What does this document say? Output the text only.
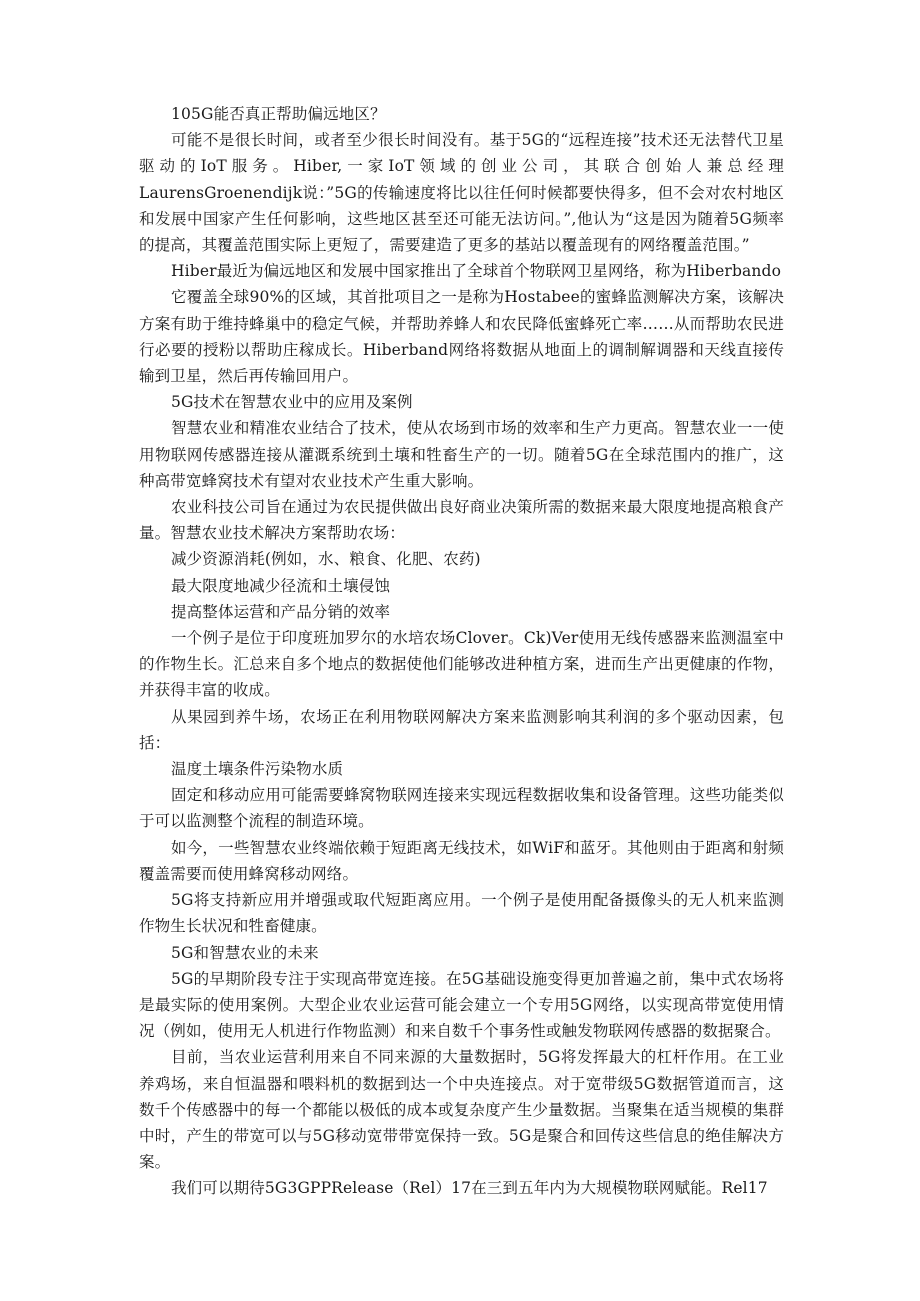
105G能否真正帮助偏远地区？

可能不是很长时间，或者至少很长时间没有。基于5G的“远程连接”技术还无法替代卫星驱动的IoT服务。Hiber,一家IoT领域的创业公司，其联合创始人兼总经理LaurensGroenendijk说：”5G的传输速度将比以往任何时候都要快得多，但不会对农村地区和发展中国家产生任何影响，这些地区甚至还可能无法访问。”,他认为“这是因为随着5G频率的提高，其覆盖范围实际上更短了，需要建造了更多的基站以覆盖现有的网络覆盖范围。”

Hiber最近为偏远地区和发展中国家推出了全球首个物联网卫星网络，称为Hiberbando

它覆盖全球90%的区域，其首批项目之一是称为Hostabee的蜜蜂监测解决方案，该解决方案有助于维持蜂巢中的稳定气候，并帮助养蜂人和农民降低蜜蜂死亡率……从而帮助农民进行必要的授粉以帮助庄稼成长。Hiberband网络将数据从地面上的调制解调器和天线直接传输到卫星，然后再传输回用户。

5G技术在智慧农业中的应用及案例

智慧农业和精准农业结合了技术，使从农场到市场的效率和生产力更高。智慧农业一一使用物联网传感器连接从灌溉系统到土壤和牲畜生产的一切。随着5G在全球范围内的推广，这种高带宽蜂窝技术有望对农业技术产生重大影响。

农业科技公司旨在通过为农民提供做出良好商业决策所需的数据来最大限度地提高粮食产量。智慧农业技术解决方案帮助农场：

减少资源消耗(例如，水、粮食、化肥、农药)

最大限度地减少径流和土壤侵蚀

提高整体运营和产品分销的效率

一个例子是位于印度班加罗尔的水培农场Clover。Ck)Ver使用无线传感器来监测温室中的作物生长。汇总来自多个地点的数据使他们能够改进种植方案，进而生产出更健康的作物，并获得丰富的收成。

从果园到养牛场，农场正在利用物联网解决方案来监测影响其利润的多个驱动因素，包括：

温度土壤条件污染物水质

固定和移动应用可能需要蜂窝物联网连接来实现远程数据收集和设备管理。这些功能类似于可以监测整个流程的制造环境。

如今，一些智慧农业终端依赖于短距离无线技术，如WiF和蓝牙。其他则由于距离和射频覆盖需要而使用蜂窝移动网络。

5G将支持新应用并增强或取代短距离应用。一个例子是使用配备摄像头的无人机来监测作物生长状况和牲畜健康。

5G和智慧农业的未来

5G的早期阶段专注于实现高带宽连接。在5G基础设施变得更加普遍之前，集中式农场将是最实际的使用案例。大型企业农业运营可能会建立一个专用5G网络，以实现高带宽使用情况（例如，使用无人机进行作物监测）和来自数千个事务性或触发物联网传感器的数据聚合。

目前，当农业运营利用来自不同来源的大量数据时，5G将发挥最大的杠杆作用。在工业养鸡场，来自恒温器和喂料机的数据到达一个中央连接点。对于宽带级5G数据管道而言，这数千个传感器中的每一个都能以极低的成本或复杂度产生少量数据。当聚集在适当规模的集群中时，产生的带宽可以与5G移动宽带带宽保持一致。5G是聚合和回传这些信息的绝佳解决方案。

我们可以期待5G3GPPRelease（Rel）17在三到五年内为大规模物联网赋能。Rel17
